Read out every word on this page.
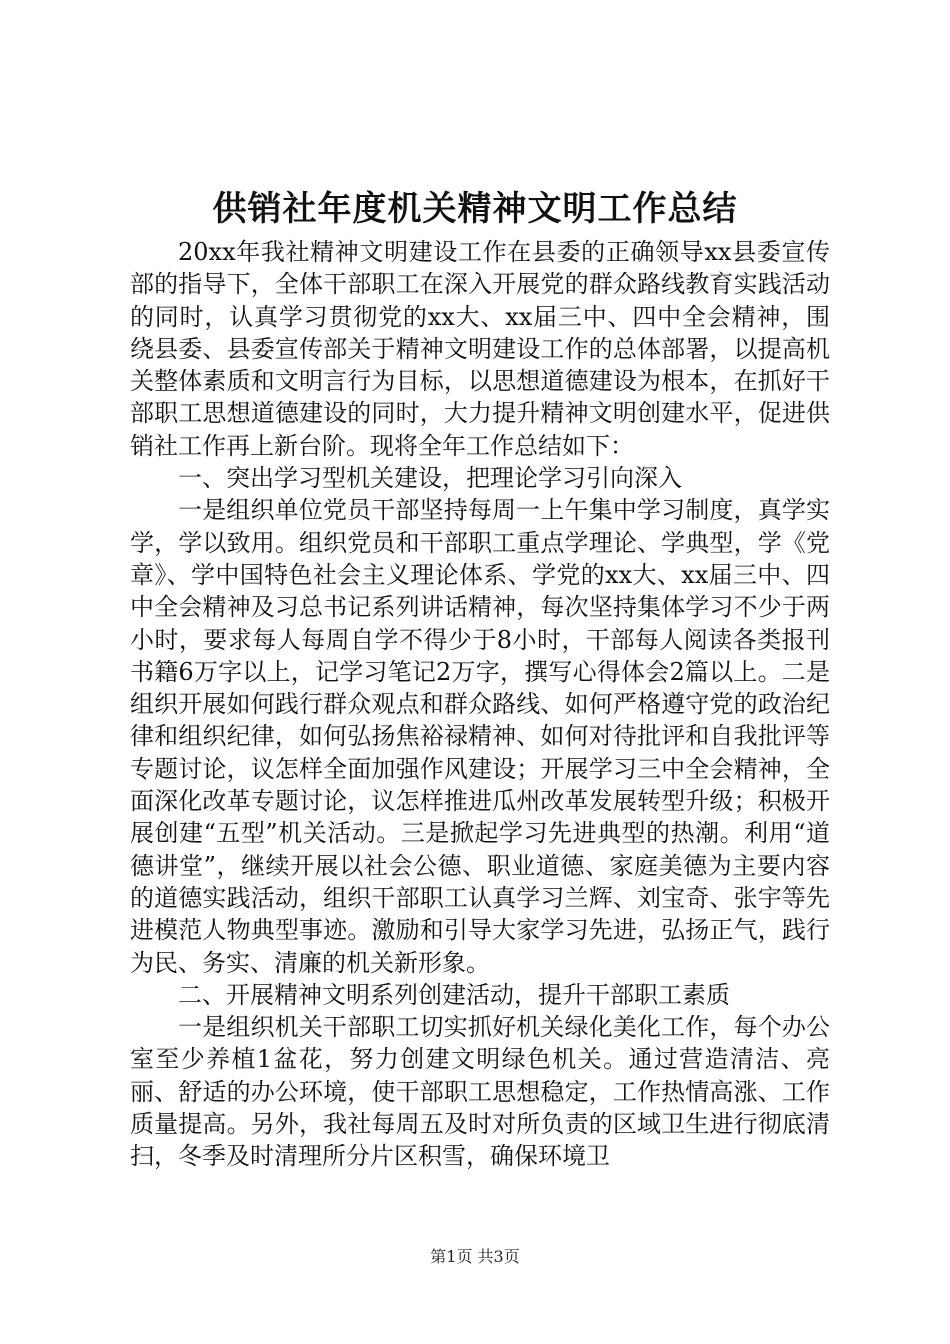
供销社年度机关精神文明工作总结

20xx年我社精神文明建设工作在县委的正确领导xx县委宣传部的指导下，全体干部职工在深入开展党的群众路线教育实践活动的同时，认真学习贯彻党的xx大、xx届三中、四中全会精神，围绕县委、县委宣传部关于精神文明建设工作的总体部署，以提高机关整体素质和文明言行为目标，以思想道德建设为根本，在抓好干部职工思想道德建设的同时，大力提升精神文明创建水平，促进供销社工作再上新台阶。现将全年工作总结如下：

一、突出学习型机关建设，把理论学习引向深入

一是组织单位党员干部坚持每周一上午集中学习制度，真学实学，学以致用。组织党员和干部职工重点学理论、学典型，学《党章》、学中国特色社会主义理论体系、学党的xx大、xx届三中、四中全会精神及习总书记系列讲话精神，每次坚持集体学习不少于两小时，要求每人每周自学不得少于8小时，干部每人阅读各类报刊书籍6万字以上，记学习笔记2万字，撰写心得体会2篇以上。二是组织开展如何践行群众观点和群众路线、如何严格遵守党的政治纪律和组织纪律，如何弘扬焦裕禄精神、如何对待批评和自我批评等专题讨论，议怎样全面加强作风建设；开展学习三中全会精神，全面深化改革专题讨论，议怎样推进瓜州改革发展转型升级；积极开展创建“五型”机关活动。三是掀起学习先进典型的热潮。利用“道德讲堂”，继续开展以社会公德、职业道德、家庭美德为主要内容的道德实践活动，组织干部职工认真学习兰辉、刘宝奇、张宇等先进模范人物典型事迹。激励和引导大家学习先进，弘扬正气，践行为民、务实、清廉的机关新形象。

二、开展精神文明系列创建活动，提升干部职工素质

一是组织机关干部职工切实抓好机关绿化美化工作，每个办公室至少养植1盆花，努力创建文明绿色机关。通过营造清洁、亮丽、舒适的办公环境，使干部职工思想稳定，工作热情高涨、工作质量提高。另外，我社每周五及时对所负责的区域卫生进行彻底清扫，冬季及时清理所分片区积雪，确保环境卫

第1页 共3页
